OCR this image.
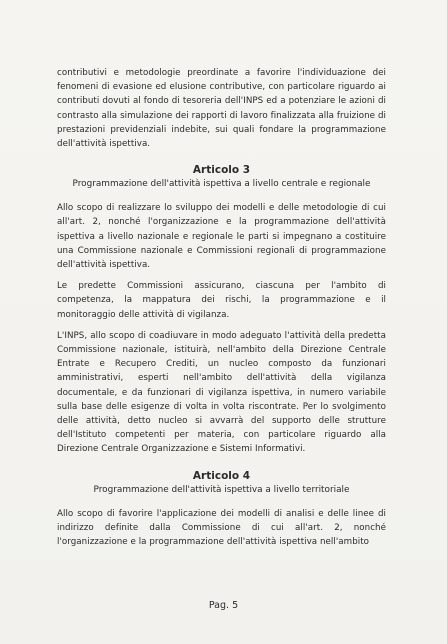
contributivi e metodologie preordinate a favorire l'individuazione dei fenomeni di evasione ed elusione contributive, con particolare riguardo ai contributi dovuti al fondo di tesoreria dell'INPS ed a potenziare le azioni di contrasto alla simulazione dei rapporti di lavoro finalizzata alla fruizione di prestazioni previdenziali indebite, sui quali fondare la programmazione dell'attività ispettiva.

Articolo 3

Programmazione dell'attività ispettiva a livello centrale e regionale

Allo scopo di realizzare lo sviluppo dei modelli e delle metodologie di cui all'art. 2, nonché l'organizzazione e la programmazione dell'attività ispettiva a livello nazionale e regionale le parti si impegnano a costituire una Commissione nazionale e Commissioni regionali di programmazione dell'attività ispettiva.

Le predette Commissioni assicurano, ciascuna per l'ambito di competenza, la mappatura dei rischi, la programmazione e il monitoraggio delle attività di vigilanza.

L'INPS, allo scopo di coadiuvare in modo adeguato l'attività della predetta Commissione nazionale, istituirà, nell'ambito della Direzione Centrale Entrate e Recupero Crediti, un nucleo composto da funzionari amministrativi, esperti nell'ambito dell'attività della vigilanza documentale, e da funzionari di vigilanza ispettiva, in numero variabile sulla base delle esigenze di volta in volta riscontrate. Per lo svolgimento delle attività, detto nucleo si avvarrà del supporto delle strutture dell'Istituto competenti per materia, con particolare riguardo alla Direzione Centrale Organizzazione e Sistemi Informativi.

Articolo 4

Programmazione dell'attività ispettiva a livello territoriale

Allo scopo di favorire l'applicazione dei modelli di analisi e delle linee di indirizzo definite dalla Commissione di cui all'art. 2, nonché l'organizzazione e la programmazione dell'attività ispettiva nell'ambito

Pag. 5
